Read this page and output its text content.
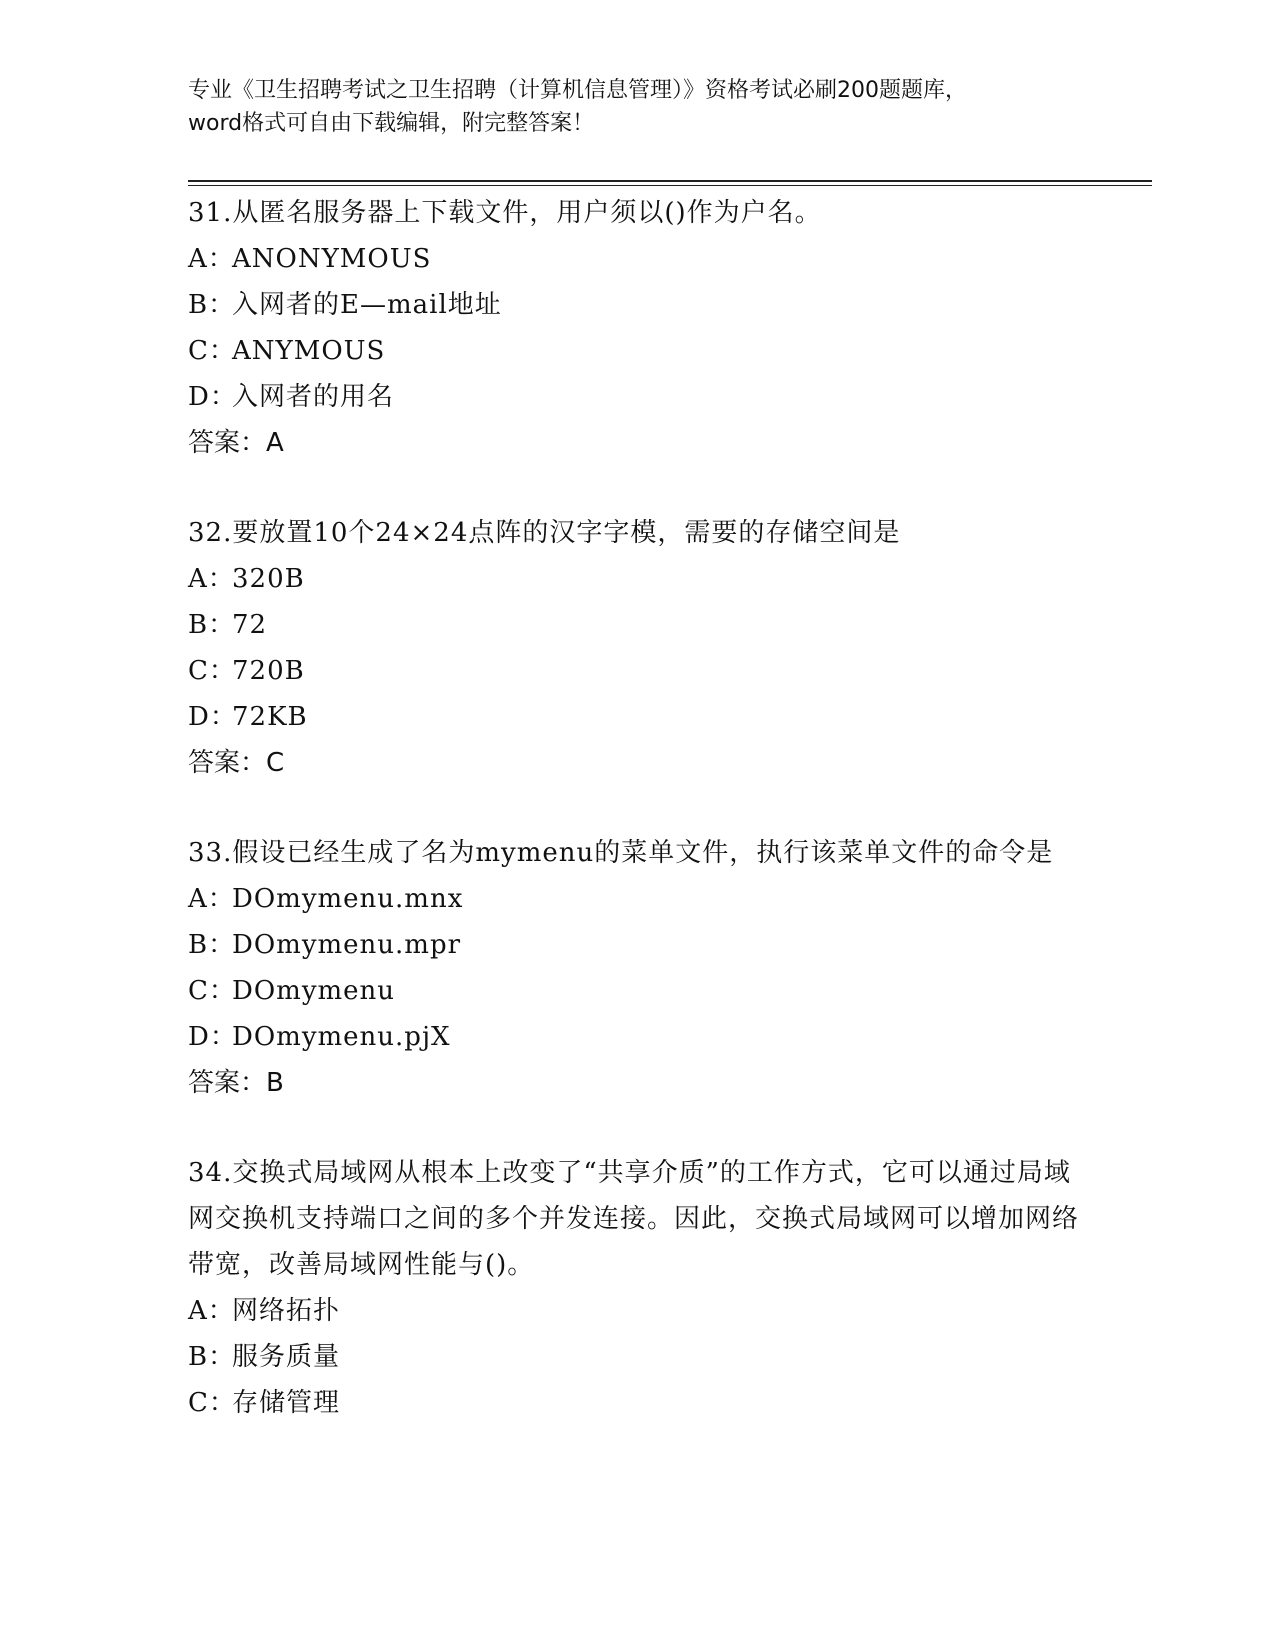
专业《卫生招聘考试之卫生招聘（计算机信息管理）》资格考试必刷200题题库，
word格式可自由下载编辑，附完整答案！
31.从匿名服务器上下载文件，用户须以()作为户名。
A：ANONYMOUS
B：入网者的E—mail地址
C：ANYMOUS
D：入网者的用名
答案：A
32.要放置10个24×24点阵的汉字字模，需要的存储空间是
A：320B
B：72
C：720B
D：72KB
答案：C
33.假设已经生成了名为mymenu的菜单文件，执行该菜单文件的命令是
A：DOmymenu.mnx
B：DOmymenu.mpr
C：DOmymenu
D：DOmymenu.pjX
答案：B
34.交换式局域网从根本上改变了“共享介质”的工作方式，它可以通过局域网交换机支持端口之间的多个并发连接。因此，交换式局域网可以增加网络带宽，改善局域网性能与()。
A：网络拓扑
B：服务质量
C：存储管理
